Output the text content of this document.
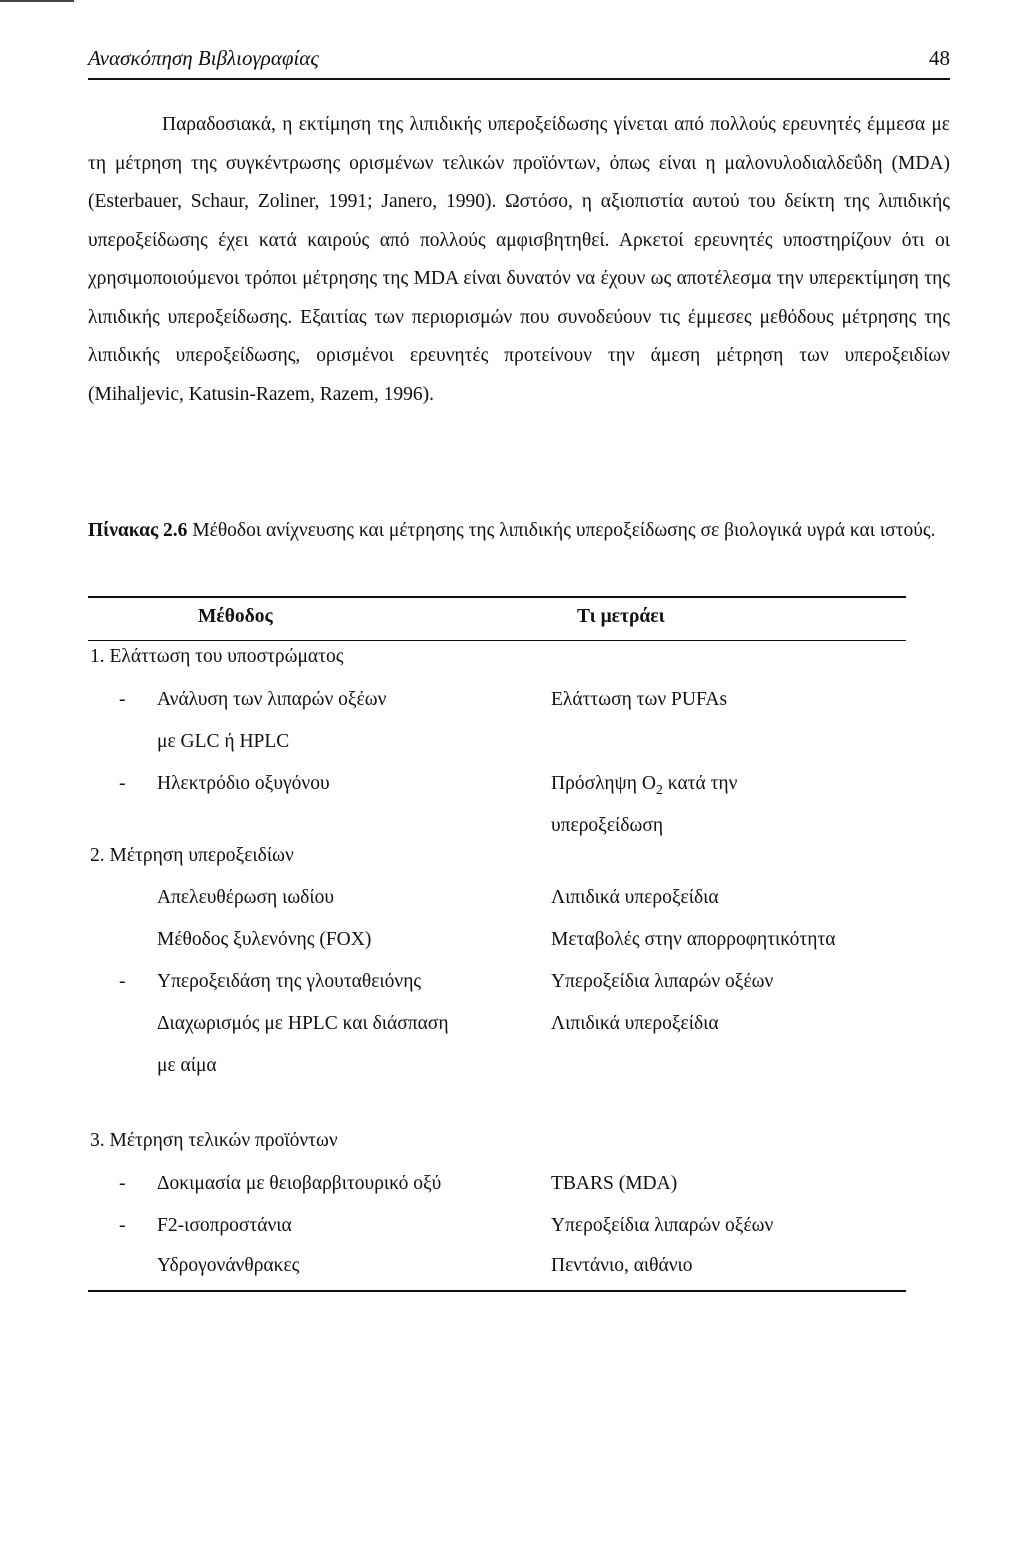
Ανασκόπηση Βιβλιογραφίας	48

Παραδοσιακά, η εκτίμηση της λιπιδικής υπεροξείδωσης γίνεται από πολλούς ερευνητές έμμεσα με τη μέτρηση της συγκέντρωσης ορισμένων τελικών προϊόντων, όπως είναι η μαλονυλοδιαλδεΰδη (MDA) (Esterbauer, Schaur, Zoliner, 1991; Janero, 1990). Ωστόσο, η αξιοπιστία αυτού του δείκτη της λιπιδικής υπεροξείδωσης έχει κατά καιρούς από πολλούς αμφισβητηθεί. Αρκετοί ερευνητές υποστηρίζουν ότι οι χρησιμοποιούμενοι τρόποι μέτρησης της MDA είναι δυνατόν να έχουν ως αποτέλεσμα την υπερεκτίμηση της λιπιδικής υπεροξείδωσης. Εξαιτίας των περιορισμών που συνοδεύουν τις έμμεσες μεθόδους μέτρησης της λιπιδικής υπεροξείδωσης, ορισμένοι ερευνητές προτείνουν την άμεση μέτρηση των υπεροξειδίων (Mihaljevic, Katusin-Razem, Razem, 1996).

Πίνακας 2.6 Μέθοδοι ανίχνευσης και μέτρησης της λιπιδικής υπεροξείδωσης σε βιολογικά υγρά και ιστούς.

Μέθοδος	Τι μετράει
1. Ελάττωση του υποστρώματος
- Ανάλυση των λιπαρών οξέων	Ελάττωση των PUFAs
με GLC ή HPLC
- Ηλεκτρόδιο οξυγόνου	Πρόσληψη $O_2$ κατά την
υπεροξείδωση
2. Μέτρηση υπεροξειδίων
Απελευθέρωση ιωδίου	Λιπιδικά υπεροξείδια
Μέθοδος ξυλενόνης (FOX)	Μεταβολές στην απορροφητικότητα
- Υπεροξειδάση της γλουταθειόνης	Υπεροξείδια λιπαρών οξέων
Διαχωρισμός με HPLC και διάσπαση	Λιπιδικά υπεροξείδια
με αίμα
3. Μέτρηση τελικών προϊόντων
- Δοκιμασία με θειοβαρβιτουρικό οξύ	TBARS (MDA)
- F2-ισοπροστάνια	Υπεροξείδια λιπαρών οξέων
Υδρογονάνθρακες	Πεντάνιο, αιθάνιο
